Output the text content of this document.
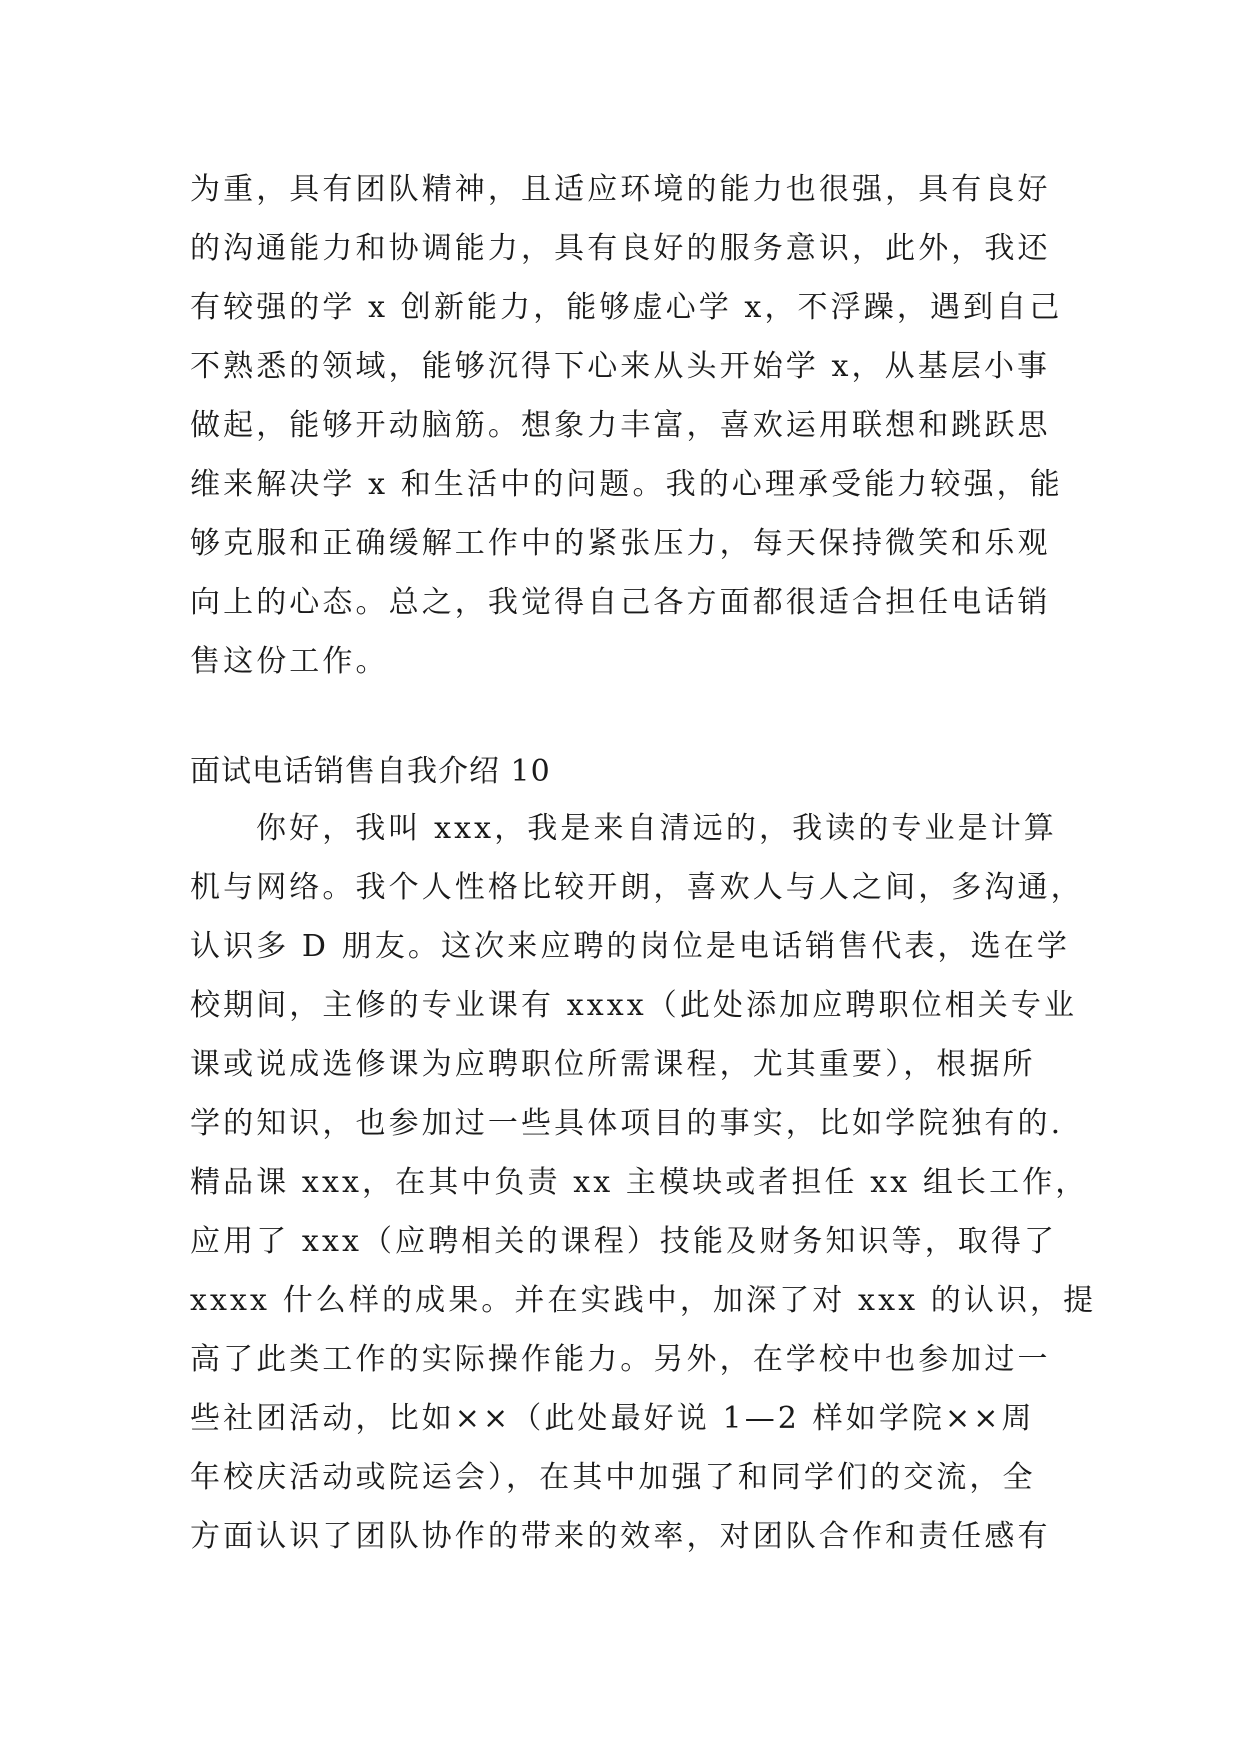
为重，具有团队精神，且适应环境的能力也很强，具有良好
的沟通能力和协调能力，具有良好的服务意识，此外，我还
有较强的学 x 创新能力，能够虚心学 x，不浮躁，遇到自己
不熟悉的领域，能够沉得下心来从头开始学 x，从基层小事
做起，能够开动脑筋。想象力丰富，喜欢运用联想和跳跃思
维来解决学 x 和生活中的问题。我的心理承受能力较强，能
够克服和正确缓解工作中的紧张压力，每天保持微笑和乐观
向上的心态。总之，我觉得自己各方面都很适合担任电话销
售这份工作。
面试电话销售自我介绍 10
你好，我叫 xxx，我是来自清远的，我读的专业是计算
机与网络。我个人性格比较开朗，喜欢人与人之间，多沟通，
认识多 D 朋友。这次来应聘的岗位是电话销售代表，选在学
校期间，主修的专业课有 xxxx（此处添加应聘职位相关专业
课或说成选修课为应聘职位所需课程，尤其重要），根据所
学的知识，也参加过一些具体项目的事实，比如学院独有的.
精品课 xxx，在其中负责 xx 主模块或者担任 xx 组长工作，
应用了 xxx（应聘相关的课程）技能及财务知识等，取得了
xxxx 什么样的成果。并在实践中，加深了对 xxx 的认识，提
高了此类工作的实际操作能力。另外，在学校中也参加过一
些社团活动，比如××（此处最好说 1—2 样如学院××周
年校庆活动或院运会），在其中加强了和同学们的交流，全
方面认识了团队协作的带来的效率，对团队合作和责任感有
